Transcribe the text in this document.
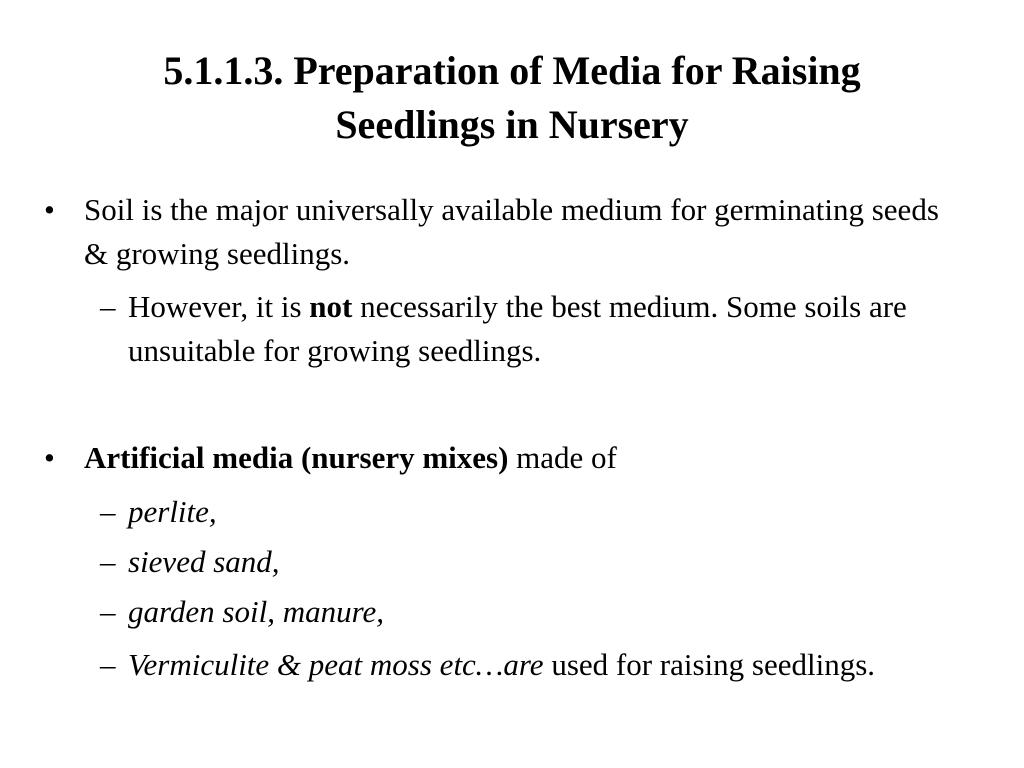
5.1.1.3. Preparation of Media for Raising
Seedlings in Nursery
• Soil is the major universally available medium for germinating seeds & growing seedlings.
– However, it is not necessarily the best medium. Some soils are unsuitable for growing seedlings.
• Artificial media (nursery mixes) made of
– perlite,
– sieved sand,
– garden soil, manure,
– Vermiculite & peat moss etc…are used for raising seedlings.
